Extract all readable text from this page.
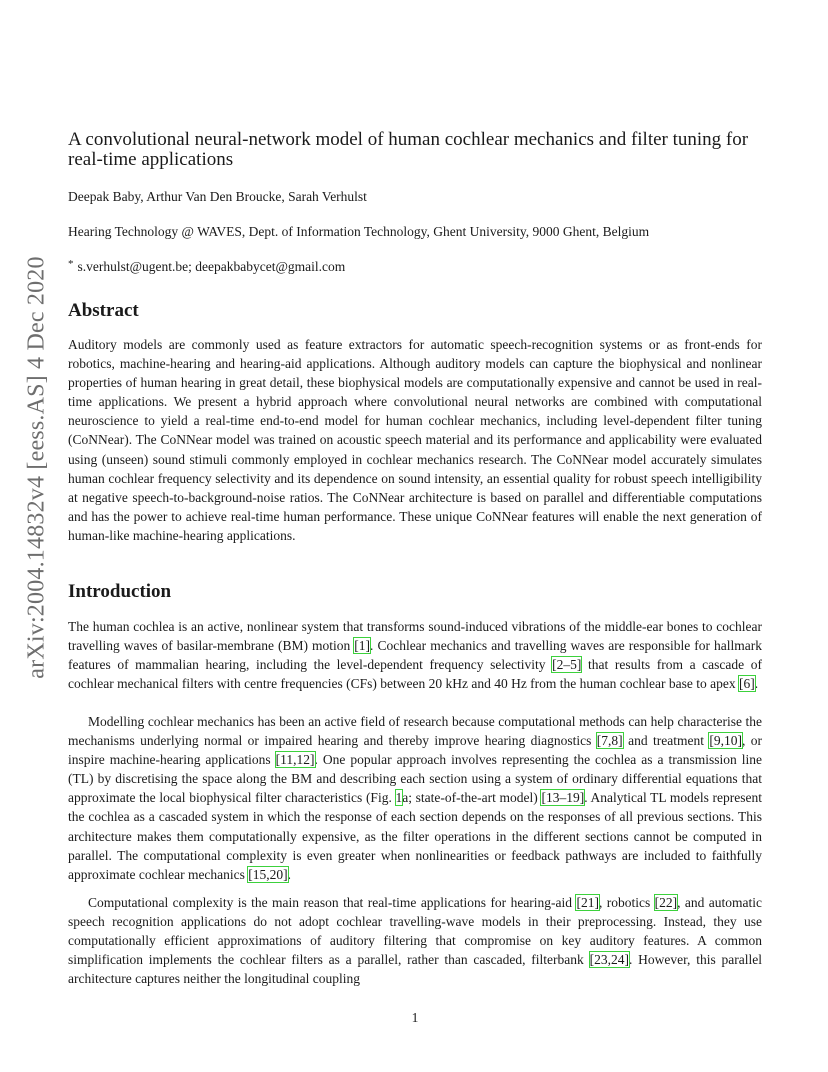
arXiv:2004.14832v4 [eess.AS] 4 Dec 2020
A convolutional neural-network model of human cochlear mechanics and filter tuning for real-time applications
Deepak Baby, Arthur Van Den Broucke, Sarah Verhulst
Hearing Technology @ WAVES, Dept. of Information Technology, Ghent University, 9000 Ghent, Belgium
* s.verhulst@ugent.be; deepakbabycet@gmail.com
Abstract

Auditory models are commonly used as feature extractors for automatic speech-recognition systems or as front-ends for robotics, machine-hearing and hearing-aid applications. Although auditory models can capture the biophysical and nonlinear properties of human hearing in great detail, these biophysical models are computationally expensive and cannot be used in real-time applications. We present a hybrid approach where convolutional neural networks are combined with computational neuroscience to yield a real-time end-to-end model for human cochlear mechanics, including level-dependent filter tuning (CoNNear). The CoNNear model was trained on acoustic speech material and its performance and applicability were evaluated using (unseen) sound stimuli commonly employed in cochlear mechanics research. The CoNNear model accurately simulates human cochlear frequency selectivity and its dependence on sound intensity, an essential quality for robust speech intelligibility at negative speech-to-background-noise ratios. The CoNNear architecture is based on parallel and differentiable computations and has the power to achieve real-time human performance. These unique CoNNear features will enable the next generation of human-like machine-hearing applications.

Introduction

The human cochlea is an active, nonlinear system that transforms sound-induced vibrations of the middle-ear bones to cochlear travelling waves of basilar-membrane (BM) motion [1]. Cochlear mechanics and travelling waves are responsible for hallmark features of mammalian hearing, including the level-dependent frequency selectivity [2–5] that results from a cascade of cochlear mechanical filters with centre frequencies (CFs) between 20 kHz and 40 Hz from the human cochlear base to apex [6].

Modelling cochlear mechanics has been an active field of research because computational methods can help characterise the mechanisms underlying normal or impaired hearing and thereby improve hearing diagnostics [7,8] and treatment [9,10], or inspire machine-hearing applications [11,12]. One popular approach involves representing the cochlea as a transmission line (TL) by discretising the space along the BM and describing each section using a system of ordinary differential equations that approximate the local biophysical filter characteristics (Fig. 1a; state-of-the-art model) [13–19]. Analytical TL models represent the cochlea as a cascaded system in which the response of each section depends on the responses of all previous sections. This architecture makes them computationally expensive, as the filter operations in the different sections cannot be computed in parallel. The computational complexity is even greater when nonlinearities or feedback pathways are included to faithfully approximate cochlear mechanics [15,20].

Computational complexity is the main reason that real-time applications for hearing-aid [21], robotics [22], and automatic speech recognition applications do not adopt cochlear travelling-wave models in their preprocessing. Instead, they use computationally efficient approximations of auditory filtering that compromise on key auditory features. A common simplification implements the cochlear filters as a parallel, rather than cascaded, filterbank [23,24]. However, this parallel architecture captures neither the longitudinal coupling

1
